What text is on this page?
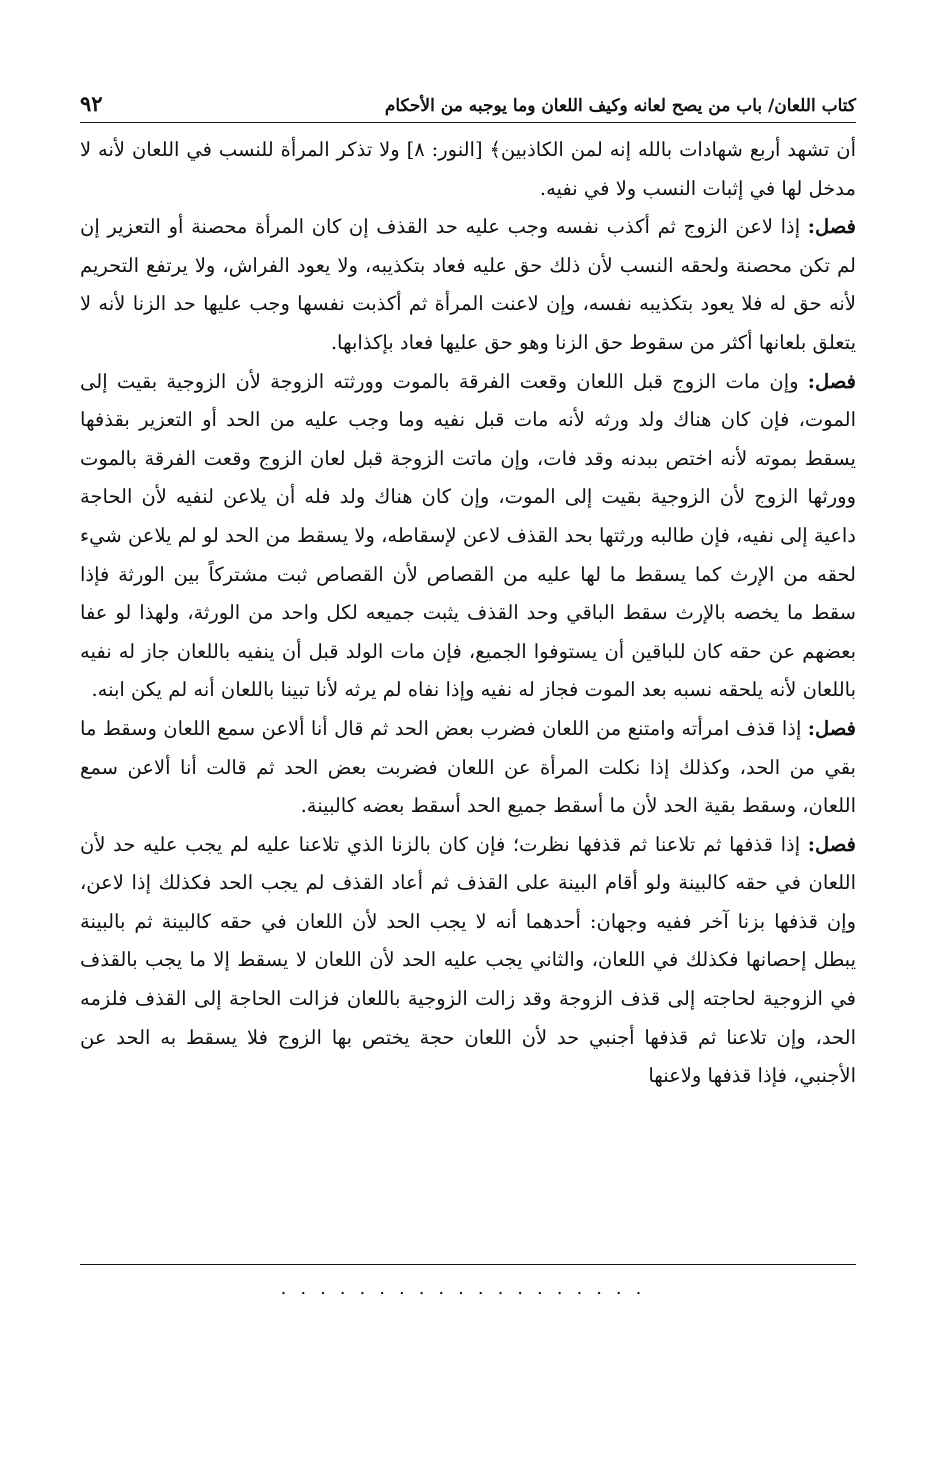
كتاب اللعان/ باب من يصح لعانه وكيف اللعان وما يوجبه من الأحكام
٩٢

أن تشهد أربع شهادات بالله إنه لمن الكاذبين﴾ [النور: ٨] ولا تذكر المرأة للنسب في اللعان لأنه لا مدخل لها في إثبات النسب ولا في نفيه.

فصل: إذا لاعن الزوج ثم أكذب نفسه وجب عليه حد القذف إن كان المرأة محصنة أو التعزير إن لم تكن محصنة ولحقه النسب لأن ذلك حق عليه فعاد بتكذيبه، ولا يعود الفراش، ولا يرتفع التحريم لأنه حق له فلا يعود بتكذيبه نفسه، وإن لاعنت المرأة ثم أكذبت نفسها وجب عليها حد الزنا لأنه لا يتعلق بلعانها أكثر من سقوط حق الزنا وهو حق عليها فعاد بإكذابها.

فصل: وإن مات الزوج قبل اللعان وقعت الفرقة بالموت وورثته الزوجة لأن الزوجية بقيت إلى الموت، فإن كان هناك ولد ورثه لأنه مات قبل نفيه وما وجب عليه من الحد أو التعزير بقذفها يسقط بموته لأنه اختص ببدنه وقد فات، وإن ماتت الزوجة قبل لعان الزوج وقعت الفرقة بالموت وورثها الزوج لأن الزوجية بقيت إلى الموت، وإن كان هناك ولد فله أن يلاعن لنفيه لأن الحاجة داعية إلى نفيه، فإن طالبه ورثتها بحد القذف لاعن لإسقاطه، ولا يسقط من الحد لو لم يلاعن شيء لحقه من الإرث كما يسقط ما لها عليه من القصاص لأن القصاص ثبت مشتركاً بين الورثة فإذا سقط ما يخصه بالإرث سقط الباقي وحد القذف يثبت جميعه لكل واحد من الورثة، ولهذا لو عفا بعضهم عن حقه كان للباقين أن يستوفوا الجميع، فإن مات الولد قبل أن ينفيه باللعان جاز له نفيه باللعان لأنه يلحقه نسبه بعد الموت فجاز له نفيه وإذا نفاه لم يرثه لأنا تبينا باللعان أنه لم يكن ابنه.

فصل: إذا قذف امرأته وامتنع من اللعان فضرب بعض الحد ثم قال أنا ألاعن سمع اللعان وسقط ما بقي من الحد، وكذلك إذا نكلت المرأة عن اللعان فضربت بعض الحد ثم قالت أنا ألاعن سمع اللعان، وسقط بقية الحد لأن ما أسقط جميع الحد أسقط بعضه كالبينة.

فصل: إذا قذفها ثم تلاعنا ثم قذفها نظرت؛ فإن كان بالزنا الذي تلاعنا عليه لم يجب عليه حد لأن اللعان في حقه كالبينة ولو أقام البينة على القذف ثم أعاد القذف لم يجب الحد فكذلك إذا لاعن، وإن قذفها بزنا آخر ففيه وجهان: أحدهما أنه لا يجب الحد لأن اللعان في حقه كالبينة ثم بالبينة يبطل إحصانها فكذلك في اللعان، والثاني يجب عليه الحد لأن اللعان لا يسقط إلا ما يجب بالقذف في الزوجية لحاجته إلى قذف الزوجة وقد زالت الزوجية باللعان فزالت الحاجة إلى القذف فلزمه الحد، وإن تلاعنا ثم قذفها أجنبي حد لأن اللعان حجة يختص بها الزوج فلا يسقط به الحد عن الأجنبي، فإذا قذفها ولاعنها

...................
